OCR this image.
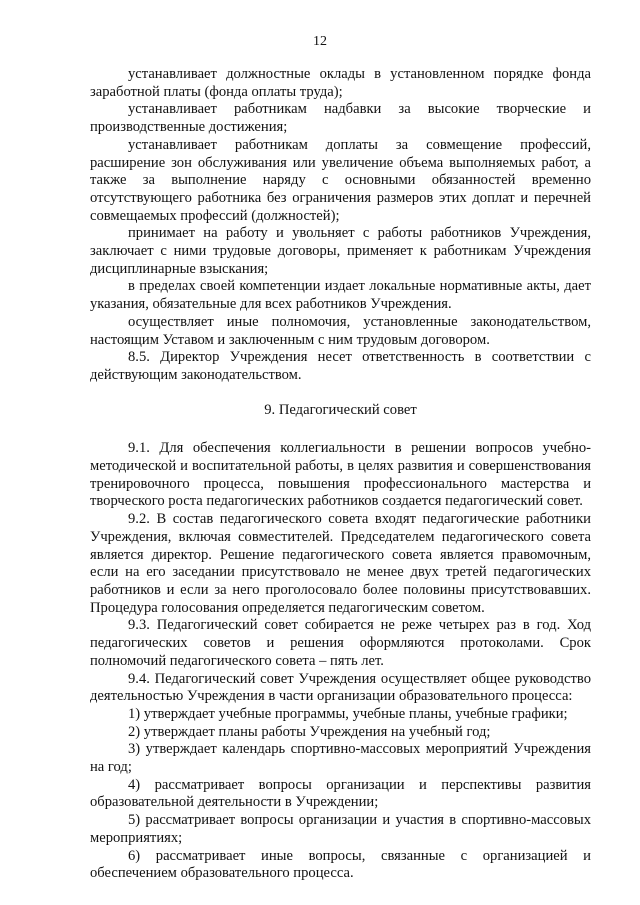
12

устанавливает должностные оклады в установленном порядке фонда заработной платы (фонда оплаты труда);

устанавливает работникам надбавки за высокие творческие и производственные достижения;

устанавливает работникам доплаты за совмещение профессий, расширение зон обслуживания или увеличение объема выполняемых работ, а также за выполнение наряду с основными обязанностей временно отсутствующего работника без ограничения размеров этих доплат и перечней совмещаемых профессий (должностей);

принимает на работу и увольняет с работы работников Учреждения, заключает с ними трудовые договоры, применяет к работникам Учреждения дисциплинарные взыскания;

в пределах своей компетенции издает локальные нормативные акты, дает указания, обязательные для всех работников Учреждения.

осуществляет иные полномочия, установленные законодательством, настоящим Уставом и заключенным с ним трудовым договором.

8.5. Директор Учреждения несет ответственность в соответствии с действующим законодательством.

9. Педагогический совет

9.1. Для обеспечения коллегиальности в решении вопросов учебно-методической и воспитательной работы, в целях развития и совершенствования тренировочного процесса, повышения профессионального мастерства и творческого роста педагогических работников создается педагогический совет.

9.2. В состав педагогического совета входят педагогические работники Учреждения, включая совместителей. Председателем педагогического совета является директор. Решение педагогического совета является правомочным, если на его заседании присутствовало не менее двух третей педагогических работников и если за него проголосовало более половины присутствовавших. Процедура голосования определяется педагогическим советом.

9.3. Педагогический совет собирается не реже четырех раз в год. Ход педагогических советов и решения оформляются протоколами. Срок полномочий педагогического совета – пять лет.

9.4. Педагогический совет Учреждения осуществляет общее руководство деятельностью Учреждения в части организации образовательного процесса:

1) утверждает учебные программы, учебные планы, учебные графики;

2) утверждает планы работы Учреждения на учебный год;

3) утверждает календарь спортивно-массовых мероприятий Учреждения на год;

4) рассматривает вопросы организации и перспективы развития образовательной деятельности в Учреждении;

5) рассматривает вопросы организации и участия в спортивно-массовых мероприятиях;

6) рассматривает иные вопросы, связанные с организацией и обеспечением образовательного процесса.
